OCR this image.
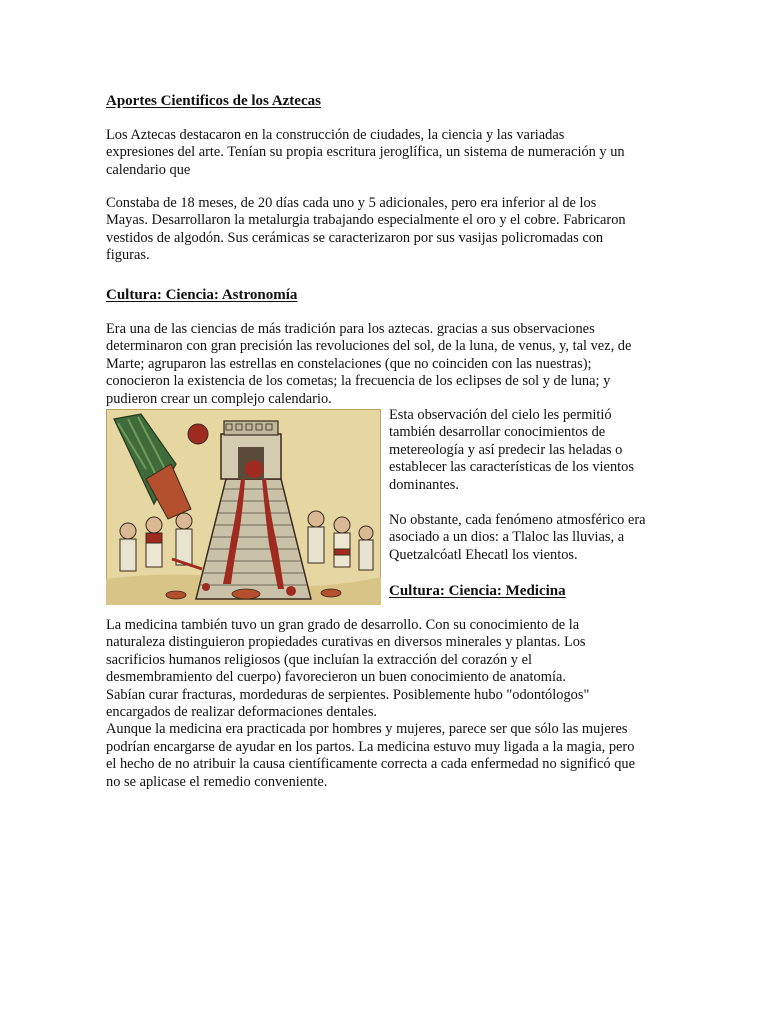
Aportes Cientificos de los Aztecas

Los Aztecas destacaron en la construcción de ciudades, la ciencia y las variadas
expresiones del arte. Tenían su propia escritura jeroglífica, un sistema de numeración y un
calendario que

Constaba de 18 meses, de 20 días cada uno y 5 adicionales, pero era inferior al de los
Mayas. Desarrollaron la metalurgia trabajando especialmente el oro y el cobre. Fabricaron
vestidos de algodón. Sus cerámicas se caracterizaron por sus vasijas policromadas con
figuras.

Cultura: Ciencia: Astronomía

Era una de las ciencias de más tradición para los aztecas. gracias a sus observaciones
determinaron con gran precisión las revoluciones del sol, de la luna, de venus, y, tal vez, de
Marte; agruparon las estrellas en constelaciones (que no coinciden con las nuestras);
conocieron la existencia de los cometas; la frecuencia de los eclipses de sol y de luna; y
pudieron crear un complejo calendario.

Esta observación del cielo les permitió
también desarrollar conocimientos de
metereología y así predecir las heladas o
establecer las características de los vientos
dominantes.

No obstante, cada fenómeno atmosférico era
asociado a un dios: a Tlaloc las lluvias, a
Quetzalcóatl Ehecatl los vientos.

Cultura: Ciencia: Medicina

La medicina también tuvo un gran grado de desarrollo. Con su conocimiento de la
naturaleza distinguieron propiedades curativas en diversos minerales y plantas. Los
sacrificios humanos religiosos (que incluían la extracción del corazón y el
desmembramiento del cuerpo) favorecieron un buen conocimiento de anatomía.
Sabían curar fracturas, mordeduras de serpientes. Posiblemente hubo "odontólogos"
encargados de realizar deformaciones dentales.
Aunque la medicina era practicada por hombres y mujeres, parece ser que sólo las mujeres
podrían encargarse de ayudar en los partos. La medicina estuvo muy ligada a la magia, pero
el hecho de no atribuir la causa científicamente correcta a cada enfermedad no significó que
no se aplicase el remedio conveniente.
